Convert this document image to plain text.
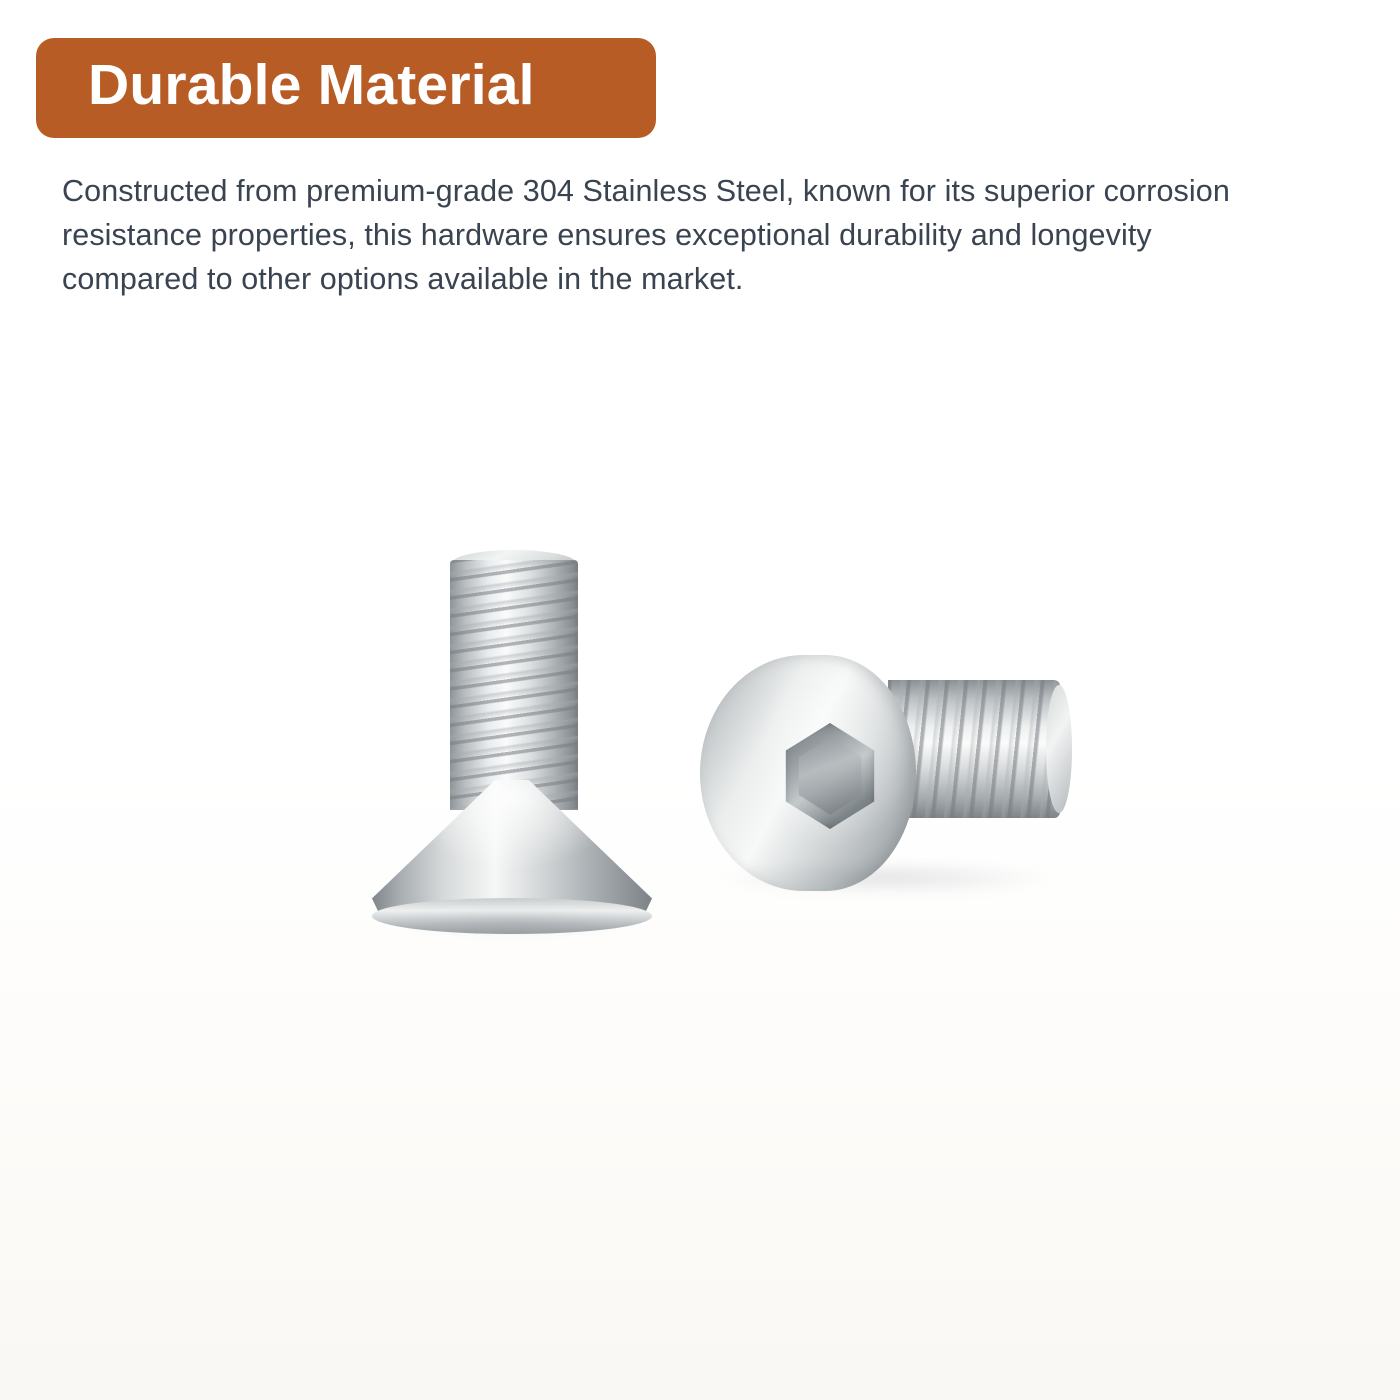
Durable Material
Constructed from premium-grade 304 Stainless Steel, known for its superior corrosion resistance properties, this hardware ensures exceptional durability and longevity compared to other options available in the market.
